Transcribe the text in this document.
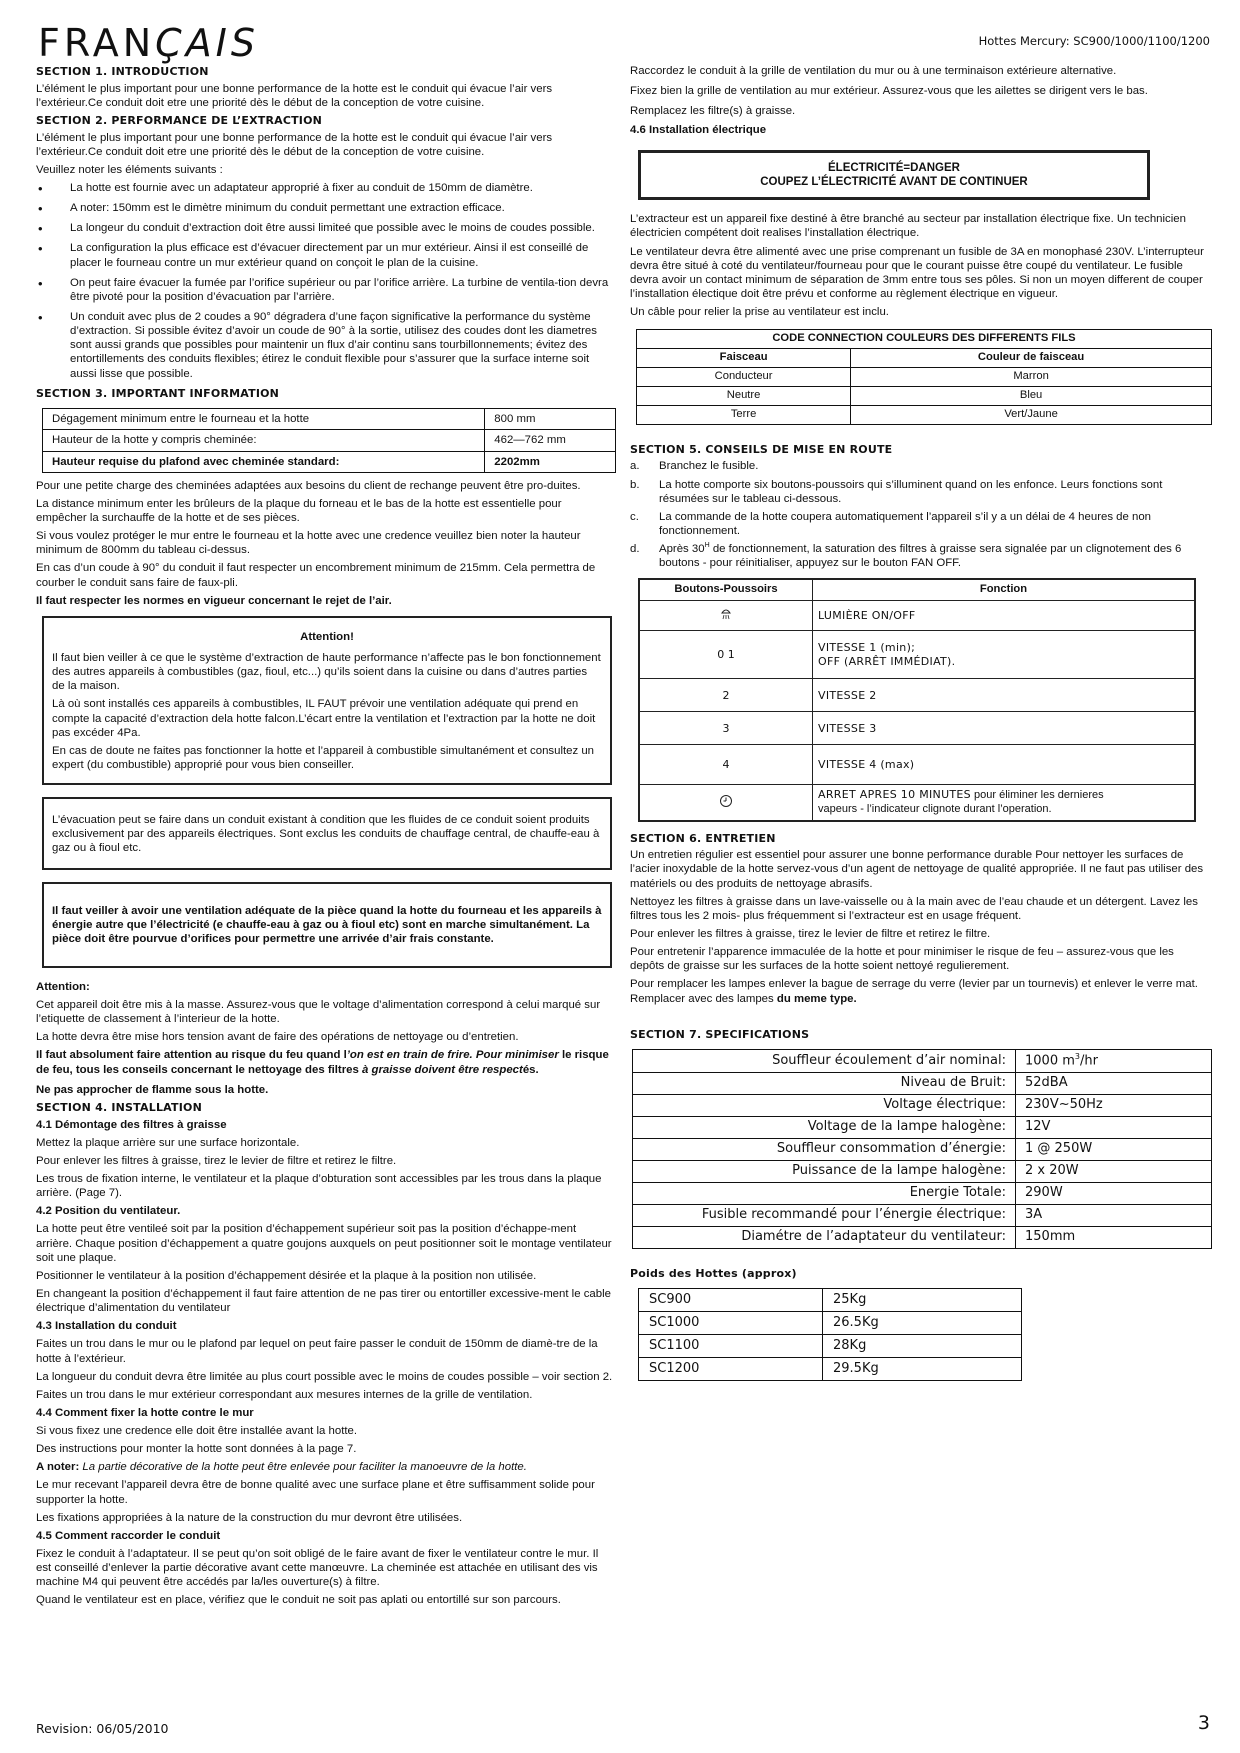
FRANÇAIS	Hottes Mercury: SC900/1000/1100/1200
SECTION 1. INTRODUCTION

L’élément le plus important pour une bonne performance de la hotte est le conduit qui évacue l’air vers l’extérieur.Ce conduit doit etre une priorité dès le début de la conception de votre cuisine.

SECTION 2. PERFORMANCE DE L’EXTRACTION

L’élément le plus important pour une bonne performance de la hotte est le conduit qui évacue l’air vers l’extérieur.Ce conduit doit etre une priorité dès le début de la conception de votre cuisine.

Veuillez noter les éléments suivants :

• La hotte est fournie avec un adaptateur approprié à fixer au conduit de 150mm de diamètre.
• A noter: 150mm est le dimètre minimum du conduit permettant une extraction efficace.
• La longeur du conduit d’extraction doit être aussi limiteé que possible avec le moins de coudes possible.
• La configuration la plus efficace est d’évacuer directement par un mur extérieur. Ainsi il est conseillé de placer le fourneau contre un mur extérieur quand on conçoit le plan de la cuisine.
• On peut faire évacuer la fumée par l’orifice supérieur ou par l’orifice arrière. La turbine de ventila-tion devra être pivoté pour la position d’évacuation par l’arrière.
• Un conduit avec plus de 2 coudes a 90° dégradera d’une façon significative la performance du système d’extraction. Si possible évitez d’avoir un coude de 90° à la sortie, utilisez des coudes dont les diametres sont aussi grands que possibles pour maintenir un flux d’air continu sans tourbillonnements; évitez des entortillements des conduits flexibles; étirez le conduit flexible pour s’assurer que la surface interne soit aussi lisse que possible.
SECTION 3. IMPORTANT INFORMATION
Dégagement minimum entre le fourneau et la hotte	800 mm
Hauteur de la hotte y compris cheminée:	462—762 mm
Hauteur requise du plafond avec cheminée standard:	2202mm

Pour une petite charge des cheminées adaptées aux besoins du client de rechange peuvent être pro-duites.

La distance minimum enter les brûleurs de la plaque du forneau et le bas de la hotte est essentielle pour empêcher la surchauffe de la hotte et de ses pièces.

Si vous voulez protéger le mur entre le fourneau et la hotte avec une credence veuillez bien noter la hauteur minimum de 800mm du tableau ci-dessus.

En cas d’un coude à 90° du conduit il faut respecter un encombrement minimum de 215mm. Cela permettra de courber le conduit sans faire de faux-pli.

Il faut respecter les normes en vigueur concernant le rejet de l’air.

Attention!

Il faut bien veiller à ce que le système d’extraction de haute performance n’affecte pas le bon fonctionnement des autres appareils à combustibles (gaz, fioul, etc...) qu’ils soient dans la cuisine ou dans d’autres parties de la maison.

Là où sont installés ces appareils à combustibles, IL FAUT prévoir une ventilation adéquate qui prend en compte la capacité d’extraction dela hotte falcon.L’écart entre la ventilation et l’extraction par la hotte ne doit pas excéder 4Pa.

En cas de doute ne faites pas fonctionner la hotte et l’appareil à combustible simultanément et consultez un expert (du combustible) approprié pour vous bien conseiller.

L’évacuation peut se faire dans un conduit existant à condition que les fluides de ce conduit soient produits exclusivement par des appareils électriques. Sont exclus les conduits de chauffage central, de chauffe-eau à gaz ou à fioul etc.

Il faut veiller à avoir une ventilation adéquate de la pièce quand la hotte du fourneau et les appareils à énergie autre que l’électricité (e chauffe-eau à gaz ou à fioul etc) sont en marche simultanément. La pièce doit être pourvue d’orifices pour permettre une arrivée d’air frais constante.

Attention:

Cet appareil doit être mis à la masse. Assurez-vous que le voltage d’alimentation correspond à celui marqué sur l’etiquette de classement à l’interieur de la hotte.

La hotte devra être mise hors tension avant de faire des opérations de nettoyage ou d’entretien.

Il faut absolument faire attention au risque du feu quand l’on est en train de frire. Pour minimiser le risque de feu, tous les conseils concernant le nettoyage des filtres à graisse doivent être respectés.

Ne pas approcher de flamme sous la hotte.

SECTION 4. INSTALLATION
4.1 Démontage des filtres à graisse

Mettez la plaque arrière sur une surface horizontale.

Pour enlever les filtres à graisse, tirez le levier de filtre et retirez le filtre.

Les trous de fixation interne, le ventilateur et la plaque d’obturation sont accessibles par les trous dans la plaque arrière. (Page 7).

4.2 Position du ventilateur.

La hotte peut être ventileé soit par la position d’échappement supérieur soit pas la position d’échappe-ment arrière. Chaque position d’échappement a quatre goujons auxquels on peut positionner soit le montage ventilateur soit une plaque.

Positionner le ventilateur à la position d’échappement désirée et la plaque à la position non utilisée.

En changeant la position d’échappement il faut faire attention de ne pas tirer ou entortiller excessive-ment le cable électrique d’alimentation du ventilateur

4.3 Installation du conduit

Faites un trou dans le mur ou le plafond par lequel on peut faire passer le conduit de 150mm de diamè-tre de la hotte à l’extérieur.

La longueur du conduit devra être limitée au plus court possible avec le moins de coudes possible – voir section 2.

Faites un trou dans le mur extérieur correspondant aux mesures internes de la grille de ventilation.

4.4 Comment fixer la hotte contre le mur

Si vous fixez une credence elle doit être installée avant la hotte.

Des instructions pour monter la hotte sont données à la page 7.

A noter: La partie décorative de la hotte peut être enlevée pour faciliter la manoeuvre de la hotte.

Le mur recevant l’appareil devra être de bonne qualité avec une surface plane et être suffisamment solide pour supporter la hotte.

Les fixations appropriées à la nature de la construction du mur devront être utilisées.

4.5 Comment raccorder le conduit

Fixez le conduit à l’adaptateur. Il se peut qu’on soit obligé de le faire avant de fixer le ventilateur contre le mur. Il est conseillé d’enlever la partie décorative avant cette manœuvre. La cheminée est attachée en utilisant des vis machine M4 qui peuvent être accédés par la/les ouverture(s) à filtre.

Quand le ventilateur est en place, vérifiez que le conduit ne soit pas aplati ou entortillé sur son parcours.

Raccordez le conduit à la grille de ventilation du mur ou à une terminaison extérieure alternative.

Fixez bien la grille de ventilation au mur extérieur. Assurez-vous que les ailettes se dirigent vers le bas.

Remplacez les filtre(s) à graisse.

4.6 Installation électrique
ÉLECTRICITÉ=DANGER
COUPEZ L’ÉLECTRICITÉ AVANT DE CONTINUER

L’extracteur est un appareil fixe destiné à être branché au secteur par installation électrique fixe. Un technicien électricien compétent doit realises l’installation électrique.

Le ventilateur devra être alimenté avec une prise comprenant un fusible de 3A en monophasé 230V. L’interrupteur devra être situé à coté du ventilateur/fourneau pour que le courant puisse être coupé du ventilateur. Le fusible devra avoir un contact minimum de séparation de 3mm entre tous ses pôles. Si non un moyen different de couper l’installation électique doit être prévu et conforme au règlement électrique en vigueur.

Un câble pour relier la prise au ventilateur est inclu.

CODE CONNECTION COULEURS DES DIFFERENTS FILS	
Faisceau	Couleur de faisceau
Conducteur	Marron
Neutre	Bleu
Terre	Vert/Jaune
SECTION 5. CONSEILS DE MISE EN ROUTE
a. Branchez le fusible.
b. La hotte comporte six boutons-poussoirs qui s’illuminent quand on les enfonce. Leurs fonctions sont résumées sur le tableau ci-dessous.
c. La commande de la hotte coupera automatiquement l’appareil s’il y a un délai de 4 heures de non fonctionnement.
d. Après $30^H$ de fonctionnement, la saturation des filtres à graisse sera signalée par un clignotement des 6 boutons - pour réinitialiser, appuyez sur le bouton FAN OFF.
Boutons-Poussoirs	Fonction
	LUMIÈRE ON/OFF
0 1	VITESSE 1 (min);
OFF (ARRÊT IMMÉDIAT).

2	VITESSE 2
3	VITESSE 3
4	VITESSE 4 (max)

ARRET APRES 10 MINUTES pour éliminer les dernieres
vapeurs - l’indicateur clignote durant l’operation.
SECTION 6. ENTRETIEN

Un entretien régulier est essentiel pour assurer une bonne performance durable Pour nettoyer les surfaces de l’acier inoxydable de la hotte servez-vous d’un agent de nettoyage de qualité appropriée. Il ne faut pas utiliser des matériels ou des produits de nettoyage abrasifs.

Nettoyez les filtres à graisse dans un lave-vaisselle ou à la main avec de l’eau chaude et un détergent. Lavez les filtres tous les 2 mois- plus fréquemment si l’extracteur est en usage fréquent.

Pour enlever les filtres à graisse, tirez le levier de filtre et retirez le filtre.

Pour entretenir l’apparence immaculée de la hotte et pour minimiser le risque de feu – assurez-vous que les depôts de graisse sur les surfaces de la hotte soient nettoyé regulierement.

Pour remplacer les lampes enlever la bague de serrage du verre (levier par un tournevis) et enlever le verre mat. Remplacer avec des lampes du meme type.

SECTION 7. SPECIFICATIONS
Souffleur écoulement d’air nominal:	1000 $m^3/hr$
Niveau de Bruit:	52dBA
Voltage électrique:	230V~50Hz
Voltage de la lampe halogène:	12V
Souffleur consommation d’énergie:	1 @ 250W
Puissance de la lampe halogène:	2 x 20W
Energie Totale:	290W
Fusible recommandé pour l’énergie électrique:	3A
Diamétre de l’adaptateur du ventilateur:	150mm
Poids des Hottes (approx)
SC900	25Kg
SC1000	26.5Kg
SC1100	28Kg
SC1200	29.5Kg
Revision: 06/05/2010	3
